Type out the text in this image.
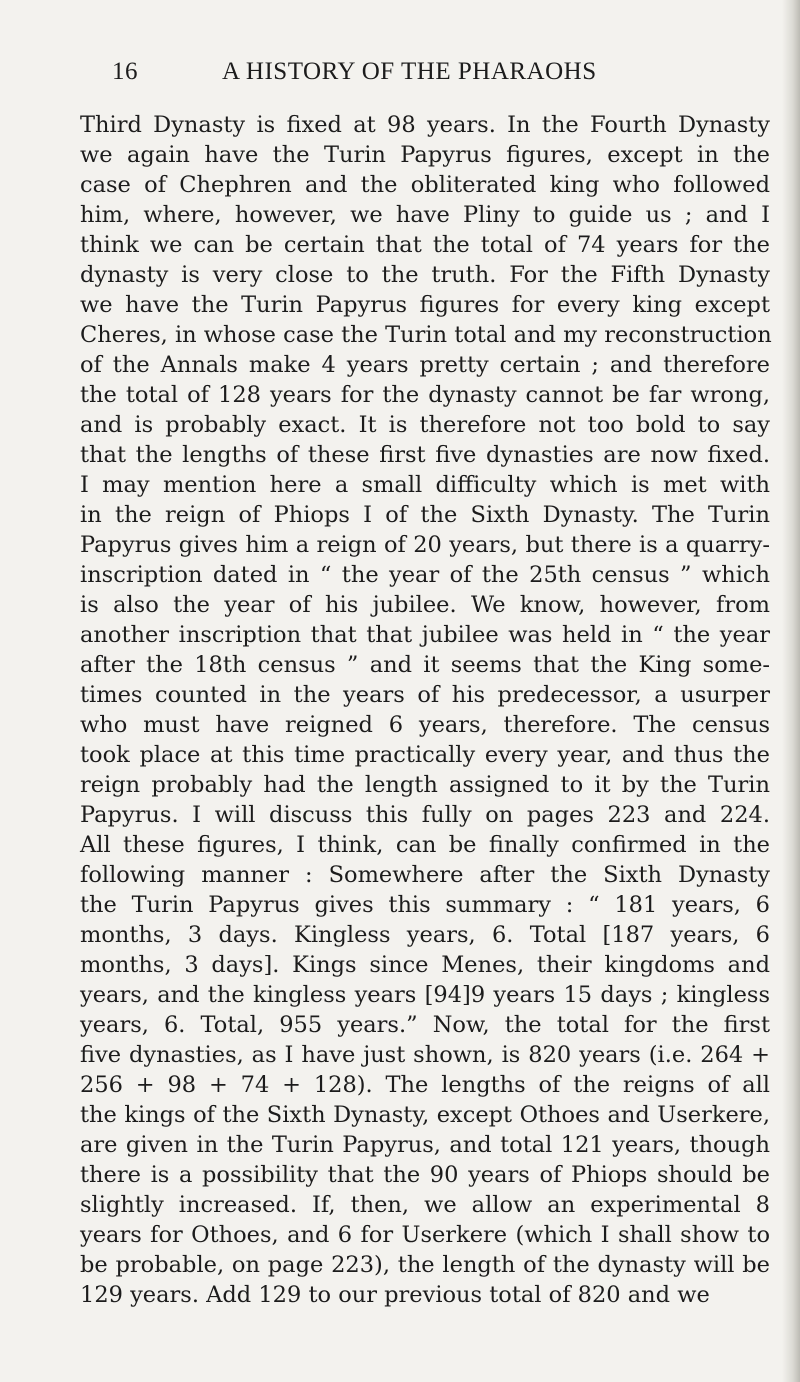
16	A HISTORY OF THE PHARAOHS
Third Dynasty is fixed at 98 years. In the Fourth Dynasty
we again have the Turin Papyrus figures, except in the
case of Chephren and the obliterated king who followed
him, where, however, we have Pliny to guide us ; and I
think we can be certain that the total of 74 years for the
dynasty is very close to the truth. For the Fifth Dynasty
we have the Turin Papyrus figures for every king except
Cheres, in whose case the Turin total and my reconstruction
of the Annals make 4 years pretty certain ; and therefore
the total of 128 years for the dynasty cannot be far wrong,
and is probably exact. It is therefore not too bold to say
that the lengths of these first five dynasties are now fixed.
I may mention here a small difficulty which is met with
in the reign of Phiops I of the Sixth Dynasty. The Turin
Papyrus gives him a reign of 20 years, but there is a quarry-
inscription dated in “ the year of the 25th census ” which
is also the year of his jubilee. We know, however, from
another inscription that that jubilee was held in “ the year
after the 18th census ” and it seems that the King some-
times counted in the years of his predecessor, a usurper
who must have reigned 6 years, therefore. The census
took place at this time practically every year, and thus the
reign probably had the length assigned to it by the Turin
Papyrus. I will discuss this fully on pages 223 and 224.
All these figures, I think, can be finally confirmed in the
following manner : Somewhere after the Sixth Dynasty
the Turin Papyrus gives this summary : “ 181 years, 6
months, 3 days. Kingless years, 6. Total [187 years, 6
months, 3 days]. Kings since Menes, their kingdoms and
years, and the kingless years [94]9 years 15 days ; kingless
years, 6. Total, 955 years.” Now, the total for the first
five dynasties, as I have just shown, is 820 years (i.e. 264 +
256 + 98 + 74 + 128). The lengths of the reigns of all
the kings of the Sixth Dynasty, except Othoes and Userkere,
are given in the Turin Papyrus, and total 121 years, though
there is a possibility that the 90 years of Phiops should be
slightly increased. If, then, we allow an experimental 8
years for Othoes, and 6 for Userkere (which I shall show to
be probable, on page 223), the length of the dynasty will be
129 years. Add 129 to our previous total of 820 and we
